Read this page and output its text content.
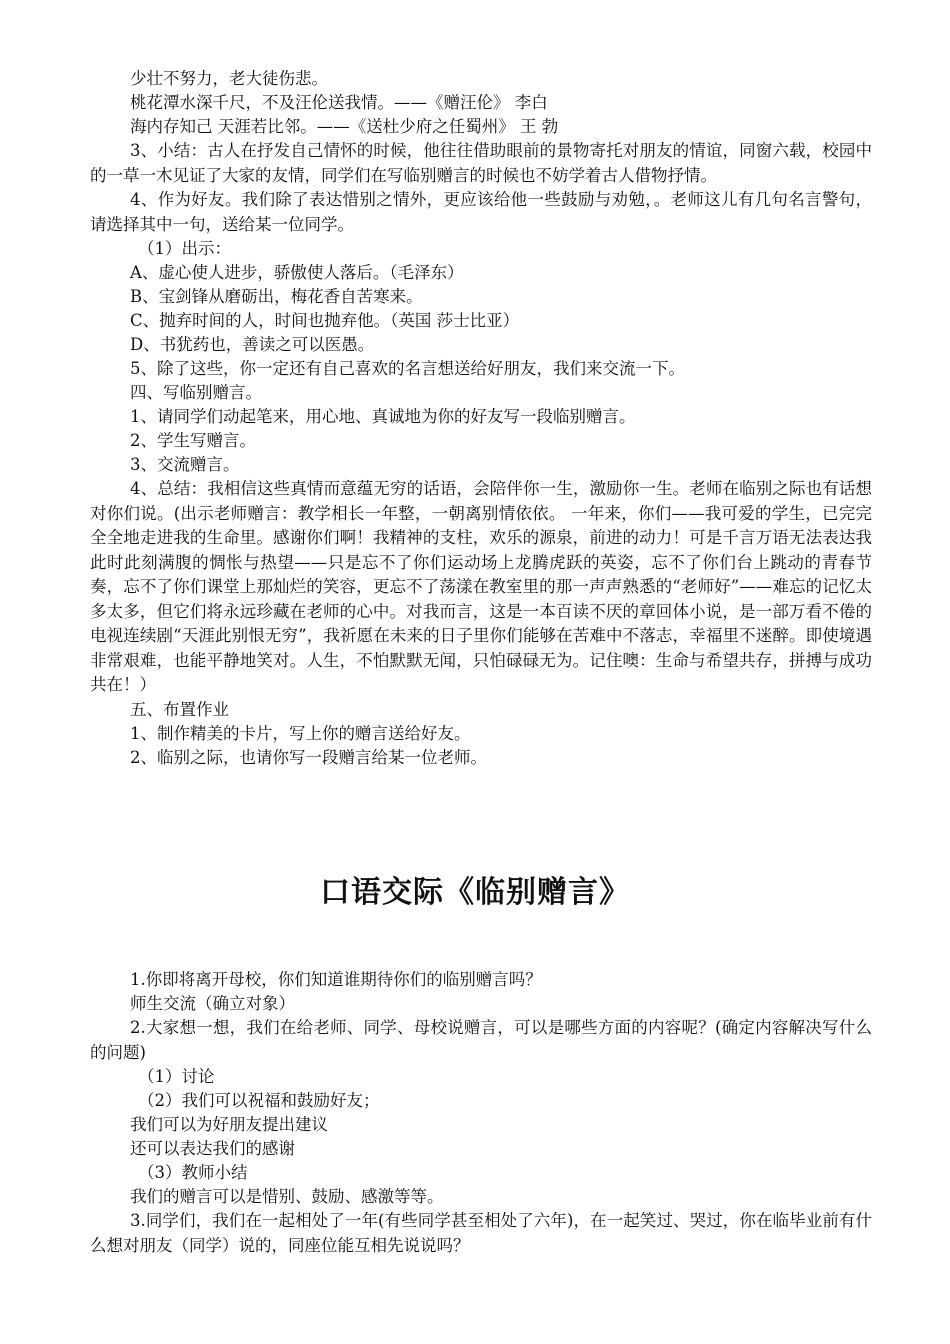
少壮不努力，老大徒伤悲。

桃花潭水深千尺，不及汪伦送我情。——《赠汪伦》 李白

海内存知己 天涯若比邻。——《送杜少府之任蜀州》 王 勃

3、小结：古人在抒发自己情怀的时候，他往往借助眼前的景物寄托对朋友的情谊，同窗六载，校园中的一草一木见证了大家的友情，同学们在写临别赠言的时候也不妨学着古人借物抒情。

4、作为好友。我们除了表达惜别之情外，更应该给他一些鼓励与劝勉，。老师这儿有几句名言警句，请选择其中一句，送给某一位同学。

（1）出示：

A、虚心使人进步，骄傲使人落后。（毛泽东）

B、宝剑锋从磨砺出，梅花香自苦寒来。

C、抛弃时间的人，时间也抛弃他。（英国 莎士比亚）

D、书犹药也，善读之可以医愚。

5、除了这些，你一定还有自己喜欢的名言想送给好朋友，我们来交流一下。

四、写临别赠言。

1、请同学们动起笔来，用心地、真诚地为你的好友写一段临别赠言。

2、学生写赠言。

3、交流赠言。

4、总结：我相信这些真情而意蕴无穷的话语，会陪伴你一生，激励你一生。老师在临别之际也有话想对你们说。(出示老师赠言：教学相长一年整，一朝离别情依依。 一年来，你们——我可爱的学生，已完完全全地走进我的生命里。感谢你们啊！我精神的支柱，欢乐的源泉，前进的动力！可是千言万语无法表达我此时此刻满腹的惆怅与热望——只是忘不了你们运动场上龙腾虎跃的英姿，忘不了你们台上跳动的青春节奏，忘不了你们课堂上那灿烂的笑容，更忘不了荡漾在教室里的那一声声熟悉的“老师好”——难忘的记忆太多太多，但它们将永远珍藏在老师的心中。对我而言，这是一本百读不厌的章回体小说，是一部万看不倦的电视连续剧“天涯此别恨无穷”，我祈愿在未来的日子里你们能够在苦难中不落志，幸福里不迷醉。即使境遇非常艰难，也能平静地笑对。人生，不怕默默无闻，只怕碌碌无为。记住噢：生命与希望共存，拼搏与成功共在！）

五、布置作业

1、制作精美的卡片，写上你的赠言送给好友。

2、临别之际，也请你写一段赠言给某一位老师。

口语交际《临别赠言》

1.你即将离开母校，你们知道谁期待你们的临别赠言吗？

师生交流（确立对象）

2.大家想一想，我们在给老师、同学、母校说赠言，可以是哪些方面的内容呢？(确定内容解决写什么的问题)

（1）讨论

（2）我们可以祝福和鼓励好友；

我们可以为好朋友提出建议

还可以表达我们的感谢

（3）教师小结

我们的赠言可以是惜别、鼓励、感激等等。

3.同学们，我们在一起相处了一年(有些同学甚至相处了六年)，在一起笑过、哭过，你在临毕业前有什么想对朋友（同学）说的，同座位能互相先说说吗？
